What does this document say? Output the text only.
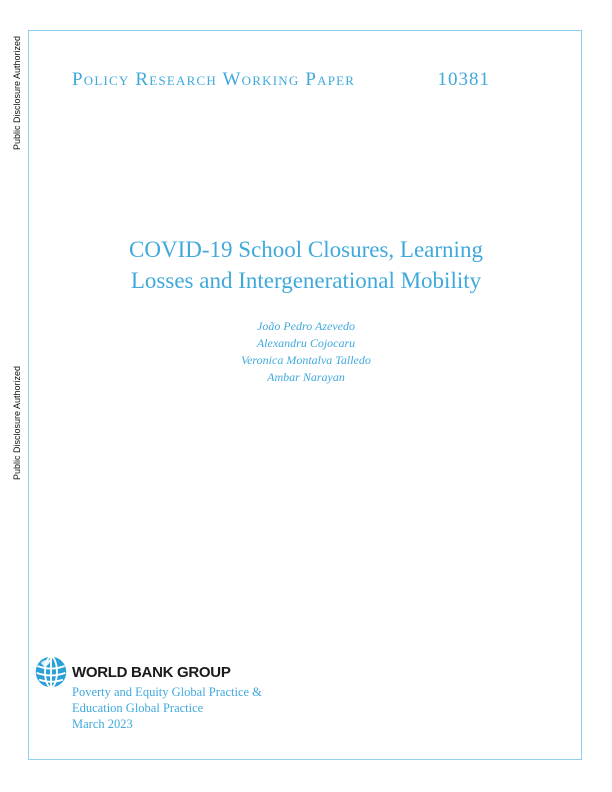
Public Disclosure Authorized
Public Disclosure Authorized
Policy Research Working Paper	10381
COVID-19 School Closures, Learning
Losses and Intergenerational Mobility
João Pedro Azevedo
Alexandru Cojocaru
Veronica Montalva Talledo
Ambar Narayan
WORLD BANK GROUP
Poverty and Equity Global Practice &
Education Global Practice
March 2023
